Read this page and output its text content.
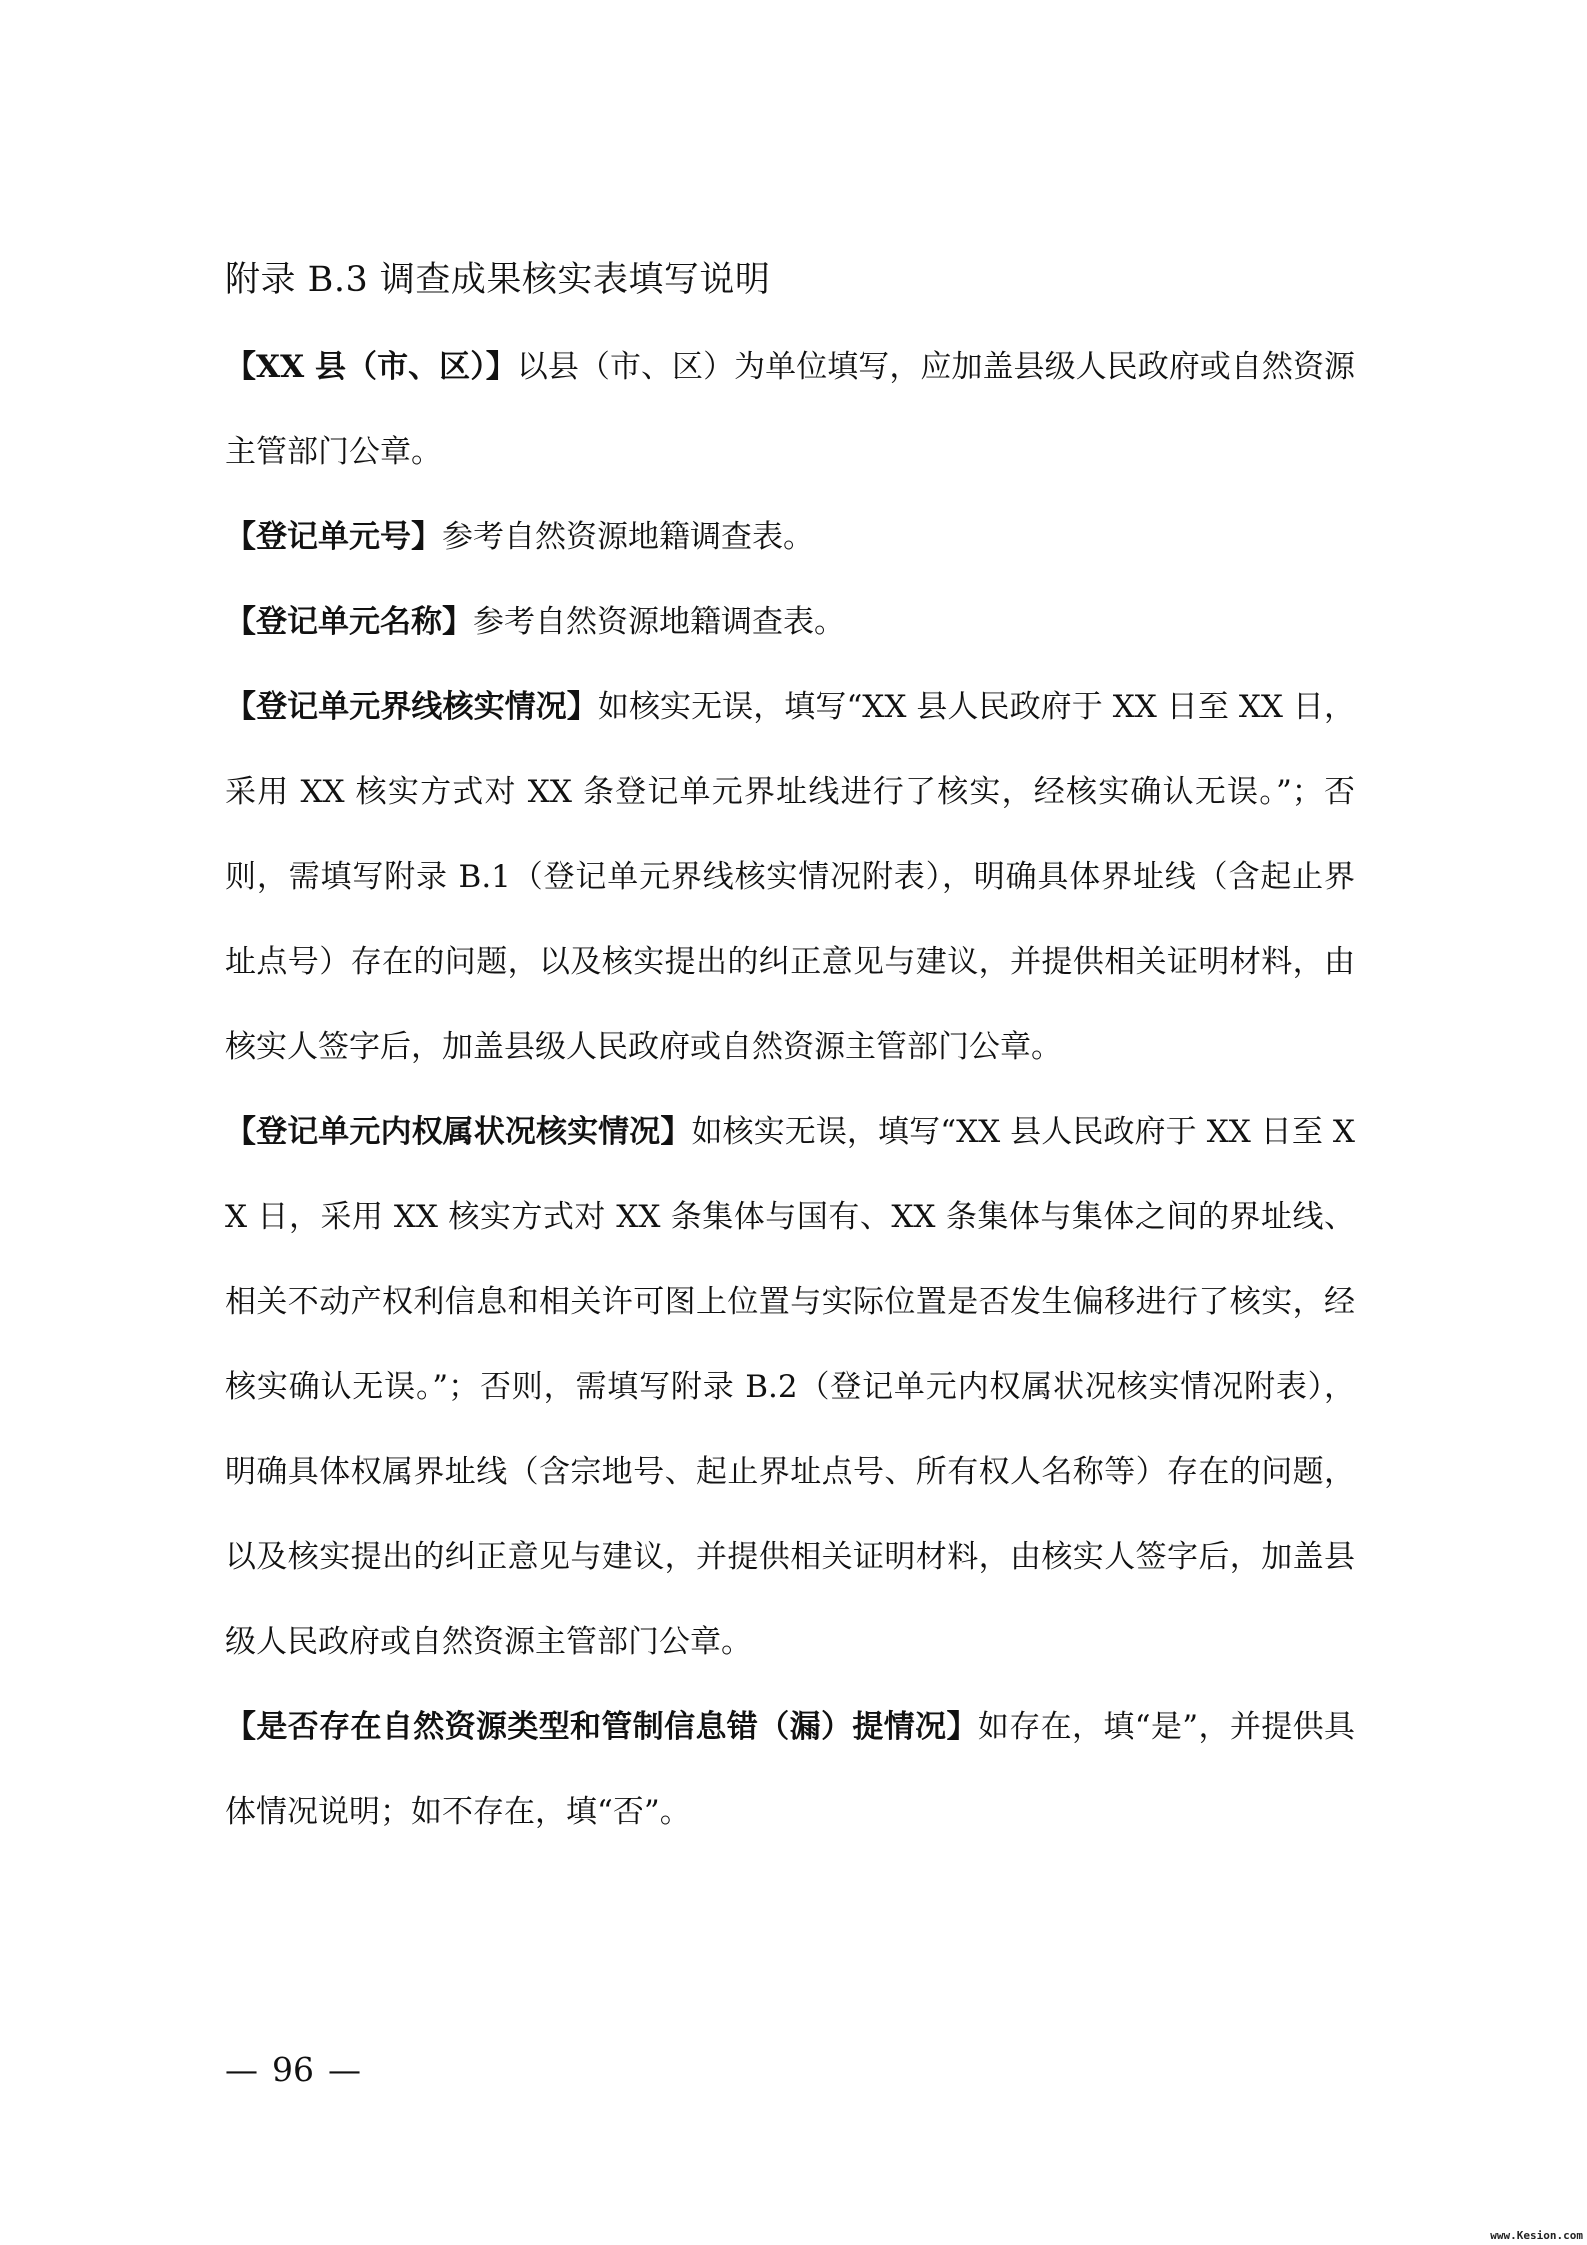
附录 B.3 调查成果核实表填写说明

【XX 县（市、区）】以县（市、区）为单位填写，应加盖县级人民政府或自然资源主管部门公章。

【登记单元号】参考自然资源地籍调查表。

【登记单元名称】参考自然资源地籍调查表。

【登记单元界线核实情况】如核实无误，填写“XX 县人民政府于 XX 日至 XX 日，采用 XX 核实方式对 XX 条登记单元界址线进行了核实，经核实确认无误。”；否则，需填写附录 B.1（登记单元界线核实情况附表），明确具体界址线（含起止界址点号）存在的问题，以及核实提出的纠正意见与建议，并提供相关证明材料，由核实人签字后，加盖县级人民政府或自然资源主管部门公章。

【登记单元内权属状况核实情况】如核实无误，填写“XX 县人民政府于 XX 日至 XX 日，采用 XX 核实方式对 XX 条集体与国有、XX 条集体与集体之间的界址线、相关不动产权利信息和相关许可图上位置与实际位置是否发生偏移进行了核实，经核实确认无误。”；否则，需填写附录 B.2（登记单元内权属状况核实情况附表），明确具体权属界址线（含宗地号、起止界址点号、所有权人名称等）存在的问题，以及核实提出的纠正意见与建议，并提供相关证明材料，由核实人签字后，加盖县级人民政府或自然资源主管部门公章。

【是否存在自然资源类型和管制信息错（漏）提情况】如存在，填“是”，并提供具体情况说明；如不存在，填“否”。

— 96 —
www.Kesion.com
